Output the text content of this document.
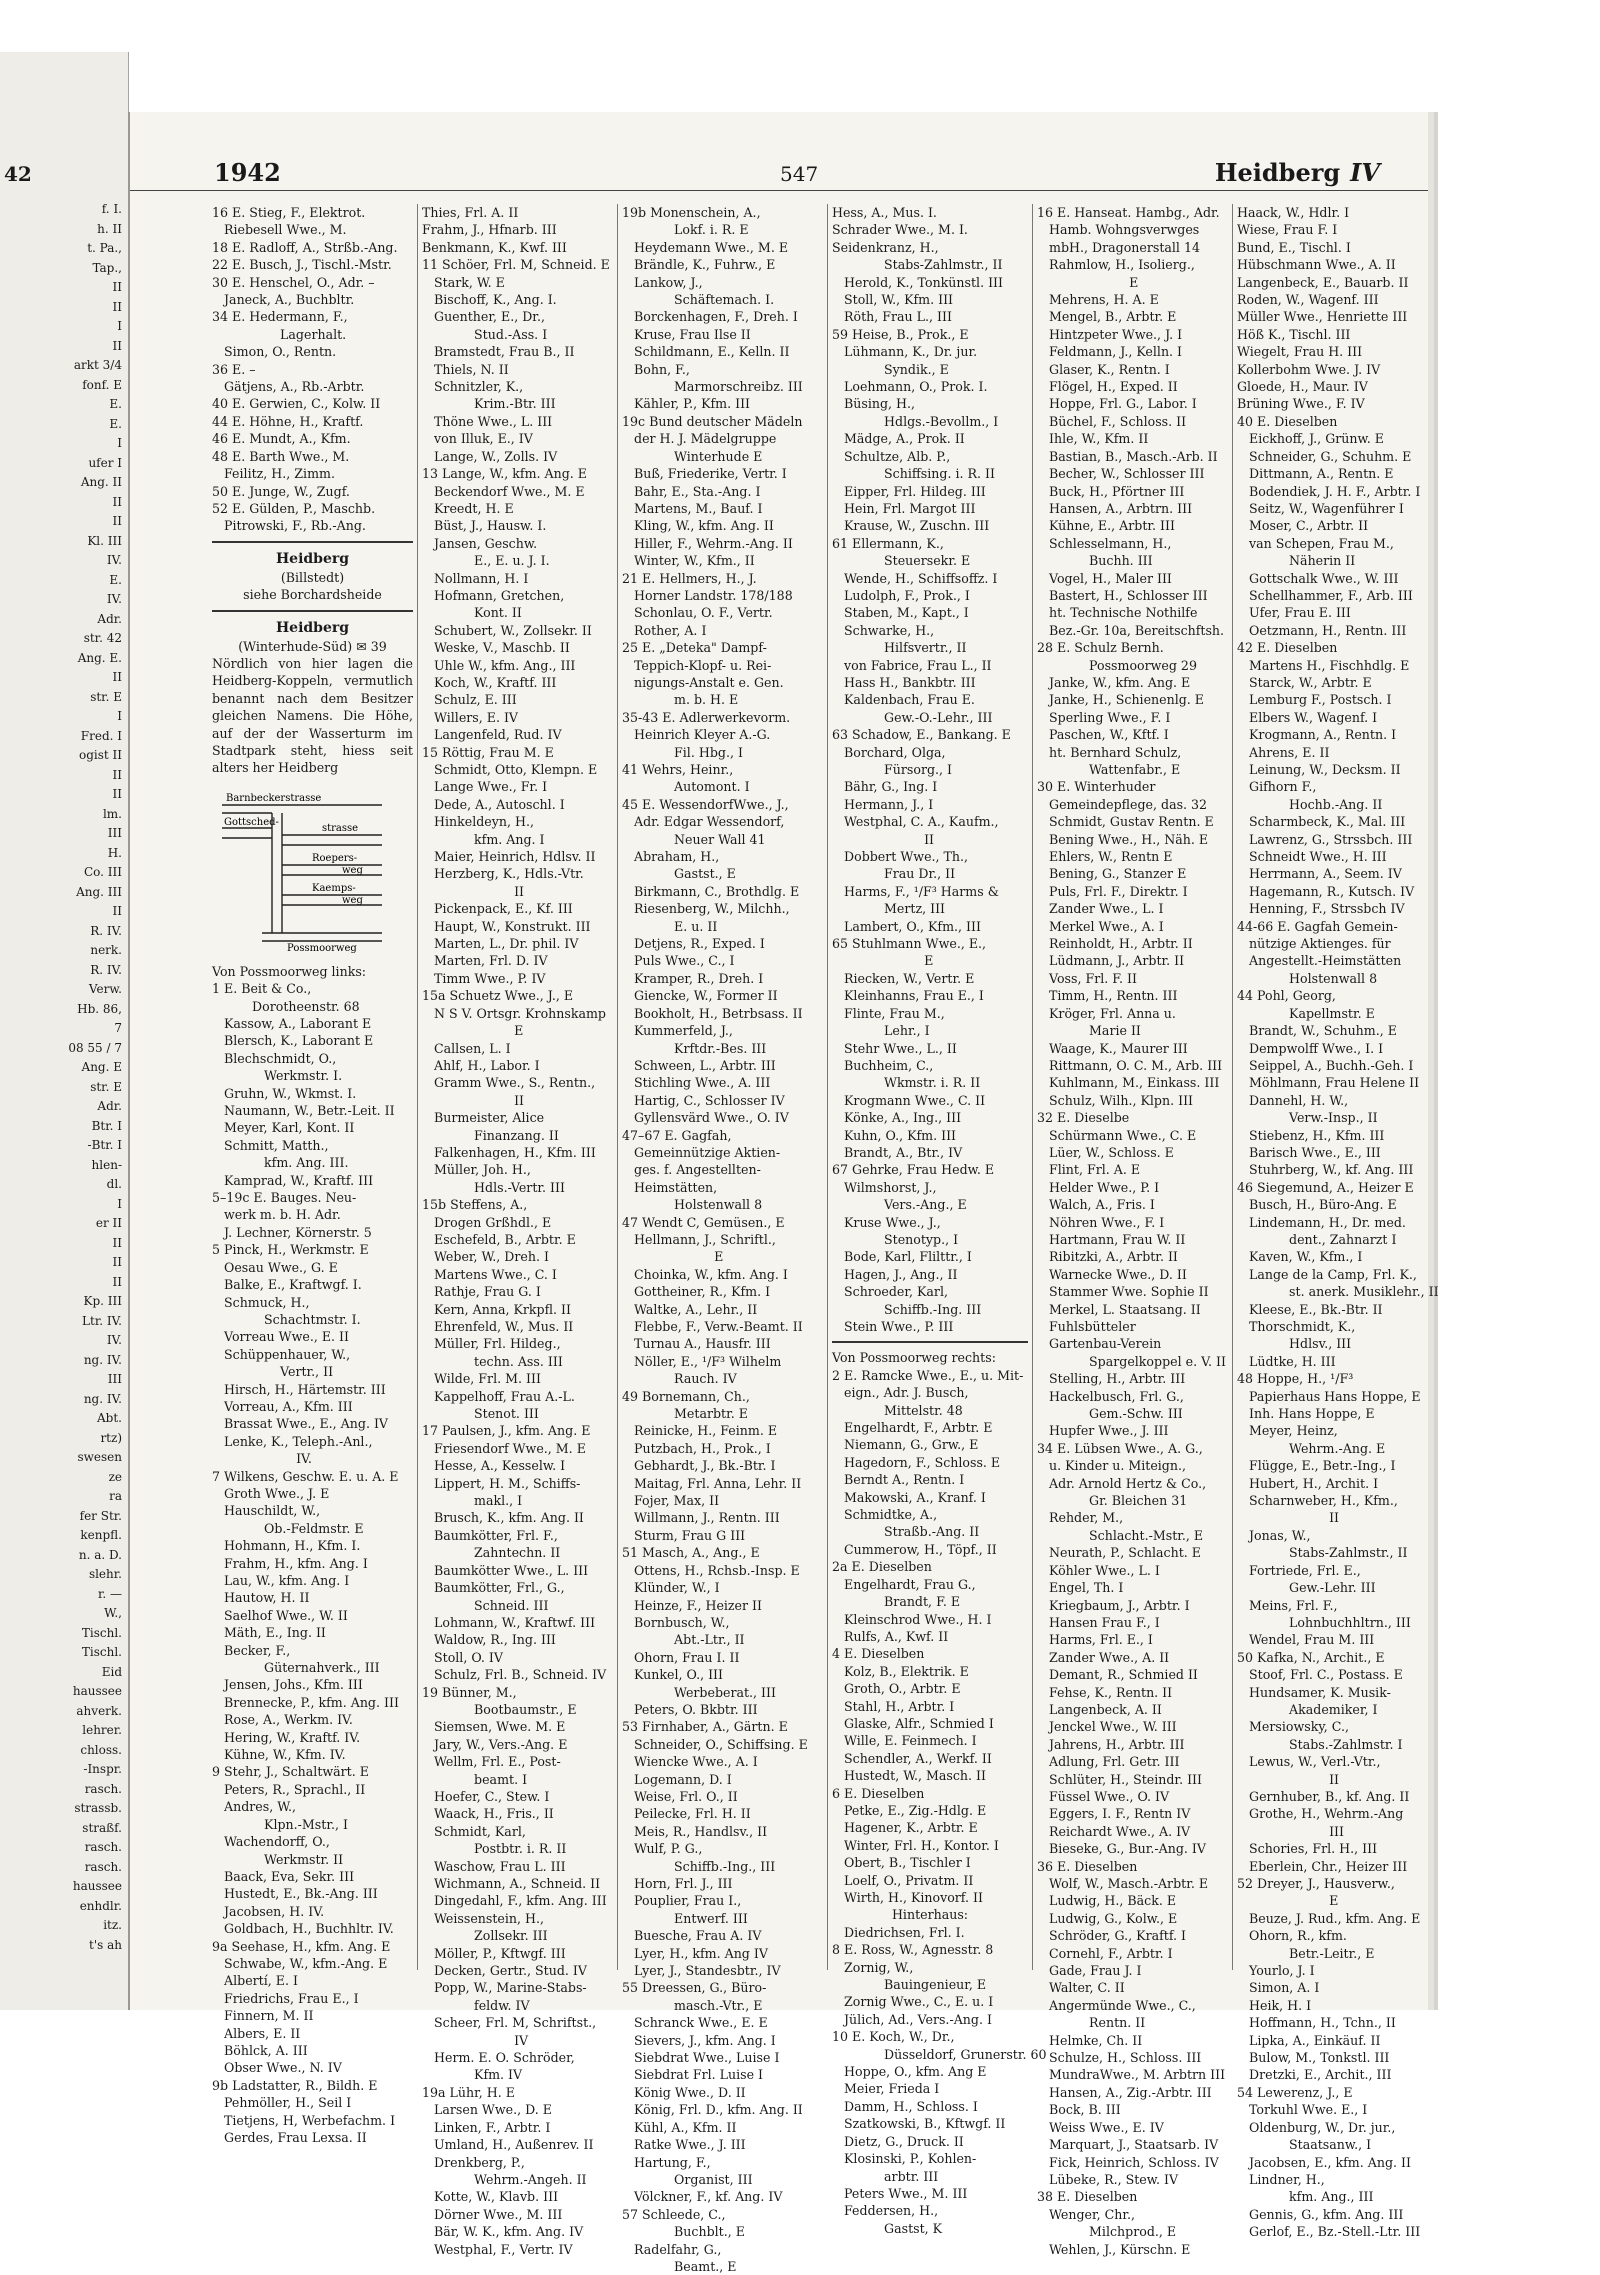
42
f. I.
h. II
t. Pa.,
Tap.,
II
II
I
II
arkt 3/4
fonf. E
E.
E.
I
ufer I
Ang. II
II
II
Kl. III
IV.
E.
IV.
Adr.
str. 42
Ang. E.
II
str. E
I
Fred. I
ogist II
II
II
lm.
III
H.
Co. III
Ang. III
II
R. IV.
nerk.
R. IV.
Verw.
Hb. 86,
7
08 55 / 7
Ang. E
str. E
Adr.
Btr. I
-Btr. I
hlen-
dl.
I
er II
II
II
II
Kp. III
Ltr. IV.
IV.
ng. IV.
III
ng. IV.
Abt.
rtz)
swesen
ze
ra
fer Str.
kenpfl.
n. a. D.
slehr.
r. —
W.,
Tischl.
Tischl.
Eid
haussee
ahverk.
lehrer.
chloss.
-Inspr.
rasch.
strassb.
straßf.
rasch.
rasch.
haussee
enhdlr.
itz.
t's ah
1942	547	Heidberg IV
16 E. Stieg, F., Elektrot.
Riebesell Wwe., M.
18 E. Radloff, A., Strßb.-Ang.
22 E. Busch, J., Tischl.-Mstr.
30 E. Henschel, O., Adr. –
Janeck, A., Buchbltr.
34 E. Hedermann, F.,
Lagerhalt.
Simon, O., Rentn.
36 E. –
Gätjens, A., Rb.-Arbtr.
40 E. Gerwien, C., Kolw. II
44 E. Höhne, H., Kraftf.
46 E. Mundt, A., Kfm.
48 E. Barth Wwe., M.
Feilitz, H., Zimm.
50 E. Junge, W., Zugf.
52 E. Gülden, P., Maschb.
Pitrowski, F., Rb.-Ang.
Heidberg
(Billstedt)
siehe Borchardsheide
Heidberg
(Winterhude-Süd) ✉ 39
Nördlich von hier lagen die Heidberg-Koppeln, vermutlich benannt nach dem Besitzer gleichen Namens. Die Höhe, auf der der Wasserturm im Stadtpark steht, hiess seit alters her Heidberg
Barnbeckerstrasse
Gottsched-
strasse
Roepers-
weg
Kaemps-
weg
Possmoorweg
Von Possmoorweg links:
1 E. Beit & Co.,
Dorotheenstr. 68
Kassow, A., Laborant E
Blersch, K., Laborant E
Blechschmidt, O.,
Werkmstr. I.
Gruhn, W., Wkmst. I.
Naumann, W., Betr.-Leit. II
Meyer, Karl, Kont. II
Schmitt, Matth.,
kfm. Ang. III.
Kamprad, W., Kraftf. III
5–19c E. Bauges. Neu-
werk m. b. H. Adr.
J. Lechner, Körnerstr. 5
5 Pinck, H., Werkmstr. E
Oesau Wwe., G. E
Balke, E., Kraftwgf. I.
Schmuck, H.,
Schachtmstr. I.
Vorreau Wwe., E. II
Schüppenhauer, W.,
Vertr., II
Hirsch, H., Härtemstr. III
Vorreau, A., Kfm. III
Brassat Wwe., E., Ang. IV
Lenke, K., Teleph.-Anl.,
IV.
7 Wilkens, Geschw. E. u. A. E
Groth Wwe., J. E
Hauschildt, W.,
Ob.-Feldmstr. E
Hohmann, H., Kfm. I.
Frahm, H., kfm. Ang. I
Lau, W., kfm. Ang. I
Hautow, H. II
Saelhof Wwe., W. II
Mäth, E., Ing. II
Becker, F.,
Güternahverk., III
Jensen, Johs., Kfm. III
Brennecke, P., kfm. Ang. III
Rose, A., Werkm. IV.
Hering, W., Kraftf. IV.
Kühne, W., Kfm. IV.
9 Stehr, J., Schaltwärt. E
Peters, R., Sprachl., II
Andres, W.,
Klpn.-Mstr., I
Wachendorff, O.,
Werkmstr. II
Baack, Eva, Sekr. III
Hustedt, E., Bk.-Ang. III
Jacobsen, H. IV.
Goldbach, H., Buchhltr. IV.
9a Seehase, H., kfm. Ang. E
Schwabe, W., kfm.-Ang. E
Albertí, E. I
Friedrichs, Frau E., I
Finnern, M. II
Albers, E. II
Böhlck, A. III
Obser Wwe., N. IV
9b Ladstatter, R., Bildh. E
Pehmöller, H., Seil I
Tietjens, H, Werbefachm. I
Gerdes, Frau Lexsa. II
Thies, Frl. A. II
Frahm, J., Hfnarb. III
Benkmann, K., Kwf. III
11 Schöer, Frl. M, Schneid. E
Stark, W. E
Bischoff, K., Ang. I.
Guenther, E., Dr.,
Stud.-Ass. I
Bramstedt, Frau B., II
Thiels, N. II
Schnitzler, K.,
Krim.-Btr. III
Thöne Wwe., L. III
von Illuk, E., IV
Lange, W., Zolls. IV
13 Lange, W., kfm. Ang. E
Beckendorf Wwe., M. E
Kreedt, H. E
Büst, J., Hausw. I.
Jansen, Geschw.
E., E. u. J. I.
Nollmann, H. I
Hofmann, Gretchen,
Kont. II
Schubert, W., Zollsekr. II
Weske, V., Maschb. II
Uhle W., kfm. Ang., III
Koch, W., Kraftf. III
Schulz, E. III
Willers, E. IV
Langenfeld, Rud. IV
15 Röttig, Frau M. E
Schmidt, Otto, Klempn. E
Lange Wwe., Fr. I
Dede, A., Autoschl. I
Hinkeldeyn, H.,
kfm. Ang. I
Maier, Heinrich, Hdlsv. II
Herzberg, K., Hdls.-Vtr.
II
Pickenpack, E., Kf. III
Haupt, W., Konstrukt. III
Marten, L., Dr. phil. IV
Marten, Frl. D. IV
Timm Wwe., P. IV
15a Schuetz Wwe., J., E
N S V. Ortsgr. Krohnskamp
E
Callsen, L. I
Ahlf, H., Labor. I
Gramm Wwe., S., Rentn.,
II
Burmeister, Alice
Finanzang. II
Falkenhagen, H., Kfm. III
Müller, Joh. H.,
Hdls.-Vertr. III
15b Steffens, A.,
Drogen Grßhdl., E
Eschefeld, B., Arbtr. E
Weber, W., Dreh. I
Martens Wwe., C. I
Rathje, Frau G. I
Kern, Anna, Krkpfl. II
Ehrenfeld, W., Mus. II
Müller, Frl. Hildeg.,
techn. Ass. III
Wilde, Frl. M. III
Kappelhoff, Frau A.-L.
Stenot. III
17 Paulsen, J., kfm. Ang. E
Friesendorf Wwe., M. E
Hesse, A., Kesselw. I
Lippert, H. M., Schiffs-
makl., I
Brusch, K., kfm. Ang. II
Baumkötter, Frl. F.,
Zahntechn. II
Baumkötter Wwe., L. III
Baumkötter, Frl., G.,
Schneid. III
Lohmann, W., Kraftwf. III
Waldow, R., Ing. III
Stoll, O. IV
Schulz, Frl. B., Schneid. IV
19 Bünner, M.,
Bootbaumstr., E
Siemsen, Wwe. M. E
Jary, W., Vers.-Ang. E
Wellm, Frl. E., Post-
beamt. I
Hoefer, C., Stew. I
Waack, H., Fris., II
Schmidt, Karl,
Postbtr. i. R. II
Waschow, Frau L. III
Wichmann, A., Schneid. II
Dingedahl, F., kfm. Ang. III
Weissenstein, H.,
Zollsekr. III
Möller, P., Kftwgf. III
Decken, Gertr., Stud. IV
Popp, W., Marine-Stabs-
feldw. IV
Scheer, Frl. M, Schriftst.,
IV
Herm. E. O. Schröder,
Kfm. IV
19a Lühr, H. E
Larsen Wwe., D. E
Linken, F., Arbtr. I
Umland, H., Außenrev. II
Drenkberg, P.,
Wehrm.-Angeh. II
Kotte, W., Klavb. III
Dörner Wwe., M. III
Bär, W. K., kfm. Ang. IV
Westphal, F., Vertr. IV
19b Monenschein, A.,
Lokf. i. R. E
Heydemann Wwe., M. E
Brändle, K., Fuhrw., E
Lankow, J.,
Schäftemach. I.
Borckenhagen, F., Dreh. I
Kruse, Frau Ilse II
Schildmann, E., Kelln. II
Bohn, F.,
Marmorschreibz. III
Kähler, P., Kfm. III
19c Bund deutscher Mädeln
der H. J. Mädelgruppe
Winterhude E
Buß, Friederike, Vertr. I
Bahr, E., Sta.-Ang. I
Martens, M., Bauf. I
Kling, W., kfm. Ang. II
Hiller, F., Wehrm.-Ang. II
Winter, W., Kfm., II
21 E. Hellmers, H., J.
Horner Landstr. 178/188
Schonlau, O. F., Vertr.
Rother, A. I
25 E. „Deteka" Dampf-
Teppich-Klopf- u. Rei-
nigungs-Anstalt e. Gen.
m. b. H. E
35-43 E. Adlerwerkevorm.
Heinrich Kleyer A.-G.
Fil. Hbg., I
41 Wehrs, Heinr.,
Automont. I
45 E. WessendorfWwe., J.,
Adr. Edgar Wessendorf,
Neuer Wall 41
Abraham, H.,
Gastst., E
Birkmann, C., Brothdlg. E
Riesenberg, W., Milchh.,
E. u. II
Detjens, R., Exped. I
Puls Wwe., C., I
Kramper, R., Dreh. I
Giencke, W., Former II
Bookholt, H., Betrbsass. II
Kummerfeld, J.,
Krftdr.-Bes. III
Schween, L., Arbtr. III
Stichling Wwe., A. III
Hartig, C., Schlosser IV
Gyllensvärd Wwe., O. IV
47–67 E. Gagfah,
Gemeinnützige Aktien-
ges. f. Angestellten-
Heimstätten,
Holstenwall 8
47 Wendt C, Gemüsen., E
Hellmann, J., Schriftl.,
E
Choinka, W., kfm. Ang. I
Gottheiner, R., Kfm. I
Waltke, A., Lehr., II
Flebbe, F., Verw.-Beamt. II
Turnau A., Hausfr. III
Nöller, E., ¹/F³ Wilhelm
Rauch. IV
49 Bornemann, Ch.,
Metarbtr. E
Reinicke, H., Feinm. E
Putzbach, H., Prok., I
Gebhardt, J., Bk.-Btr. I
Maitag, Frl. Anna, Lehr. II
Fojer, Max, II
Willmann, J., Rentn. III
Sturm, Frau G III
51 Masch, A., Ang., E
Ottens, H., Rchsb.-Insp. E
Klünder, W., I
Heinze, F., Heizer II
Bornbusch, W.,
Abt.-Ltr., II
Ohorn, Frau I. II
Kunkel, O., III
Werbeberat., III
Peters, O. Bkbtr. III
53 Firnhaber, A., Gärtn. E
Schneider, O., Schiffsing. E
Wiencke Wwe., A. I
Logemann, D. I
Weise, Frl. O., II
Peilecke, Frl. H. II
Meis, R., Handlsv., II
Wulf, P. G.,
Schiffb.-Ing., III
Horn, Frl. J., III
Pouplier, Frau I.,
Entwerf. III
Buesche, Frau A. IV
Lyer, H., kfm. Ang IV
Lyer, J., Standesbtr., IV
55 Dreessen, G., Büro-
masch.-Vtr., E
Schranck Wwe., E. E
Sievers, J., kfm. Ang. I
Siebdrat Wwe., Luise I
Siebdrat Frl. Luise I
König Wwe., D. II
König, Frl. D., kfm. Ang. II
Kühl, A., Kfm. II
Ratke Wwe., J. III
Hartung, F.,
Organist, III
Völckner, F., kf. Ang. IV
57 Schleede, C.,
Buchblt., E
Radelfahr, G.,
Beamt., E
Hess, A., Mus. I.
Schrader Wwe., M. I.
Seidenkranz, H.,
Stabs-Zahlmstr., II
Herold, K., Tonkünstl. III
Stoll, W., Kfm. III
Röth, Frau L., III
59 Heise, B., Prok., E
Lühmann, K., Dr. jur.
Syndik., E
Loehmann, O., Prok. I.
Büsing, H.,
Hdlgs.-Bevollm., I
Mädge, A., Prok. II
Schultze, Alb. P.,
Schiffsing. i. R. II
Eipper, Frl. Hildeg. III
Hein, Frl. Margot III
Krause, W., Zuschn. III
61 Ellermann, K.,
Steuersekr. E
Wende, H., Schiffsoffz. I
Ludolph, F., Prok., I
Staben, M., Kapt., I
Schwarke, H.,
Hilfsvertr., II
von Fabrice, Frau L., II
Hass H., Bankbtr. III
Kaldenbach, Frau E.
Gew.-O.-Lehr., III
63 Schadow, E., Bankang. E
Borchard, Olga,
Fürsorg., I
Bähr, G., Ing. I
Hermann, J., I
Westphal, C. A., Kaufm.,
II
Dobbert Wwe., Th.,
Frau Dr., II
Harms, F., ¹/F³ Harms &
Mertz, III
Lambert, O., Kfm., III
65 Stuhlmann Wwe., E.,
E
Riecken, W., Vertr. E
Kleinhanns, Frau E., I
Flinte, Frau M.,
Lehr., I
Stehr Wwe., L., II
Buchheim, C.,
Wkmstr. i. R. II
Krogmann Wwe., C. II
Könke, A., Ing., III
Kuhn, O., Kfm. III
Brandt, A., Btr., IV
67 Gehrke, Frau Hedw. E
Wilmshorst, J.,
Vers.-Ang., E
Kruse Wwe., J.,
Stenotyp., I
Bode, Karl, Flilttr., I
Hagen, J., Ang., II
Schroeder, Karl,
Schiffb.-Ing. III
Stein Wwe., P. III
Von Possmoorweg rechts:
2 E. Ramcke Wwe., E., u. Mit-
eign., Adr. J. Busch,
Mittelstr. 48
Engelhardt, F., Arbtr. E
Niemann, G., Grw., E
Hagedorn, F., Schloss. E
Berndt A., Rentn. I
Makowski, A., Kranf. I
Schmidtke, A.,
Straßb.-Ang. II
Cummerow, H., Töpf., II
2a E. Dieselben
Engelhardt, Frau G.,
Brandt, F. E
Kleinschrod Wwe., H. I
Rulfs, A., Kwf. II
4 E. Dieselben
Kolz, B., Elektrik. E
Groth, O., Arbtr. E
Stahl, H., Arbtr. I
Glaske, Alfr., Schmied I
Wille, E. Feinmech. I
Schendler, A., Werkf. II
Hustedt, W., Masch. II
6 E. Dieselben
Petke, E., Zig.-Hdlg. E
Hagener, K., Arbtr. E
Winter, Frl. H., Kontor. I
Obert, B., Tischler I
Loelf, O., Privatm. II
Wirth, H., Kinovorf. II
Hinterhaus:
Diedrichsen, Frl. I.
8 E. Ross, W., Agnesstr. 8
Zornig, W.,
Bauingenieur, E
Zornig Wwe., C., E. u. I
Jülich, Ad., Vers.-Ang. I
10 E. Koch, W., Dr.,
Düsseldorf, Grunerstr. 60
Hoppe, O., kfm. Ang E
Meier, Frieda I
Damm, H., Schloss. I
Szatkowski, B., Kftwgf. II
Dietz, G., Druck. II
Klosinski, P., Kohlen-
arbtr. III
Peters Wwe., M. III
Feddersen, H.,
Gastst, K
16 E. Hanseat. Hambg., Adr.
Hamb. Wohngsverwges
mbH., Dragonerstall 14
Rahmlow, H., Isolierg.,
E
Mehrens, H. A. E
Mengel, B., Arbtr. E
Hintzpeter Wwe., J. I
Feldmann, J., Kelln. I
Glaser, K., Rentn. I
Flögel, H., Exped. II
Hoppe, Frl. G., Labor. I
Büchel, F., Schloss. II
Ihle, W., Kfm. II
Bastian, B., Masch.-Arb. II
Becher, W., Schlosser III
Buck, H., Pförtner III
Hansen, A., Arbtrn. III
Kühne, E., Arbtr. III
Schlesselmann, H.,
Buchh. III
Vogel, H., Maler III
Bastert, H., Schlosser III
ht. Technische Nothilfe
Bez.-Gr. 10a, Bereitschftsh.
28 E. Schulz Bernh.
Possmoorweg 29
Janke, W., kfm. Ang. E
Janke, H., Schienenlg. E
Sperling Wwe., F. I
Paschen, W., Kftf. I
ht. Bernhard Schulz,
Wattenfabr., E
30 E. Winterhuder
Gemeindepflege, das. 32
Schmidt, Gustav Rentn. E
Bening Wwe., H., Näh. E
Ehlers, W., Rentn E
Bening, G., Stanzer E
Puls, Frl. F., Direktr. I
Zander Wwe., L. I
Merkel Wwe., A. I
Reinholdt, H., Arbtr. II
Lüdmann, J., Arbtr. II
Voss, Frl. F. II
Timm, H., Rentn. III
Kröger, Frl. Anna u.
Marie II
Waage, K., Maurer III
Rittmann, O. C. M., Arb. III
Kuhlmann, M., Einkass. III
Schulz, Wilh., Klpn. III
32 E. Dieselbe
Schürmann Wwe., C. E
Lüer, W., Schloss. E
Flint, Frl. A. E
Helder Wwe., P. I
Walch, A., Fris. I
Nöhren Wwe., F. I
Hartmann, Frau W. II
Ribitzki, A., Arbtr. II
Warnecke Wwe., D. II
Stammer Wwe. Sophie II
Merkel, L. Staatsang. II
Fuhlsbütteler
Gartenbau-Verein
Spargelkoppel e. V. II
Stelling, H., Arbtr. III
Hackelbusch, Frl. G.,
Gem.-Schw. III
Hupfer Wwe., J. III
34 E. Lübsen Wwe., A. G.,
u. Kinder u. Miteign.,
Adr. Arnold Hertz & Co.,
Gr. Bleichen 31
Rehder, M.,
Schlacht.-Mstr., E
Neurath, P., Schlacht. E
Köhler Wwe., L. I
Engel, Th. I
Kriegbaum, J., Arbtr. I
Hansen Frau F., I
Harms, Frl. E., I
Zander Wwe., A. II
Demant, R., Schmied II
Fehse, K., Rentn. II
Langenbeck, A. II
Jenckel Wwe., W. III
Jahrens, H., Arbtr. III
Adlung, Frl. Getr. III
Schlüter, H., Steindr. III
Füssel Wwe., O. IV
Eggers, I. F., Rentn IV
Reichardt Wwe., A. IV
Bieseke, G., Bur.-Ang. IV
36 E. Dieselben
Wolf, W., Masch.-Arbtr. E
Ludwig, H., Bäck. E
Ludwig, G., Kolw., E
Schröder, G., Kraftf. I
Cornehl, F., Arbtr. I
Gade, Frau J. I
Walter, C. II
Angermünde Wwe., C.,
Rentn. II
Helmke, Ch. II
Schulze, H., Schloss. III
MundraWwe., M. Arbtrn III
Hansen, A., Zig.-Arbtr. III
Bock, B. III
Weiss Wwe., E. IV
Marquart, J., Staatsarb. IV
Fick, Heinrich, Schloss. IV
Lübeke, R., Stew. IV
38 E. Dieselben
Wenger, Chr.,
Milchprod., E
Wehlen, J., Kürschn. E
Haack, W., Hdlr. I
Wiese, Frau F. I
Bund, E., Tischl. I
Hübschmann Wwe., A. II
Langenbeck, E., Bauarb. II
Roden, W., Wagenf. III
Müller Wwe., Henriette III
Höß K., Tischl. III
Wiegelt, Frau H. III
Kollerbohm Wwe. J. IV
Gloede, H., Maur. IV
Brüning Wwe., F. IV
40 E. Dieselben
Eickhoff, J., Grünw. E
Schneider, G., Schuhm. E
Dittmann, A., Rentn. E
Bodendiek, J. H. F., Arbtr. I
Seitz, W., Wagenführer I
Moser, C., Arbtr. II
van Schepen, Frau M.,
Näherin II
Gottschalk Wwe., W. III
Schellhammer, F., Arb. III
Ufer, Frau E. III
Oetzmann, H., Rentn. III
42 E. Dieselben
Martens H., Fischhdlg. E
Starck, W., Arbtr. E
Lemburg F., Postsch. I
Elbers W., Wagenf. I
Krogmann, A., Rentn. I
Ahrens, E. II
Leinung, W., Decksm. II
Gifhorn F.,
Hochb.-Ang. II
Scharmbeck, K., Mal. III
Lawrenz, G., Strssbch. III
Schneidt Wwe., H. III
Herrmann, A., Seem. IV
Hagemann, R., Kutsch. IV
Henning, F., Strssbch IV
44-66 E. Gagfah Gemein-
nützige Aktienges. für
Angestellt.-Heimstätten
Holstenwall 8
44 Pohl, Georg,
Kapellmstr. E
Brandt, W., Schuhm., E
Dempwolff Wwe., I. I
Seippel, A., Buchh.-Geh. I
Möhlmann, Frau Helene II
Dannehl, H. W.,
Verw.-Insp., II
Stiebenz, H., Kfm. III
Barisch Wwe., E., III
Stuhrberg, W., kf. Ang. III
46 Siegemund, A., Heizer E
Busch, H., Büro-Ang. E
Lindemann, H., Dr. med.
dent., Zahnarzt I
Kaven, W., Kfm., I
Lange de la Camp, Frl. K.,
st. anerk. Musiklehr., II
Kleese, E., Bk.-Btr. II
Thorschmidt, K.,
Hdlsv., III
Lüdtke, H. III
48 Hoppe, H., ¹/F³
Papierhaus Hans Hoppe, E
Inh. Hans Hoppe, E
Meyer, Heinz,
Wehrm.-Ang. E
Flügge, E., Betr.-Ing., I
Hubert, H., Archit. I
Scharnweber, H., Kfm.,
II
Jonas, W.,
Stabs-Zahlmstr., II
Fortriede, Frl. E.,
Gew.-Lehr. III
Meins, Frl. F.,
Lohnbuchhltrn., III
Wendel, Frau M. III
50 Kafka, N., Archit., E
Stoof, Frl. C., Postass. E
Hundsamer, K. Musik-
Akademiker, I
Mersiowsky, C.,
Stabs.-Zahlmstr. I
Lewus, W., Verl.-Vtr.,
II
Gernhuber, B., kf. Ang. II
Grothe, H., Wehrm.-Ang
III
Schories, Frl. H., III
Eberlein, Chr., Heizer III
52 Dreyer, J., Hausverw.,
E
Beuze, J. Rud., kfm. Ang. E
Ohorn, R., kfm.
Betr.-Leitr., E
Yourlo, J. I
Simon, A. I
Heik, H. I
Hoffmann, H., Tchn., II
Lipka, A., Einkäuf. II
Bulow, M., Tonkstl. III
Dretzki, E., Archit., III
54 Lewerenz, J., E
Torkuhl Wwe. E., I
Oldenburg, W., Dr. jur.,
Staatsanw., I
Jacobsen, E., kfm. Ang. II
Lindner, H.,
kfm. Ang., III
Gennis, G., kfm. Ang. III
Gerlof, E., Bz.-Stell.-Ltr. III
